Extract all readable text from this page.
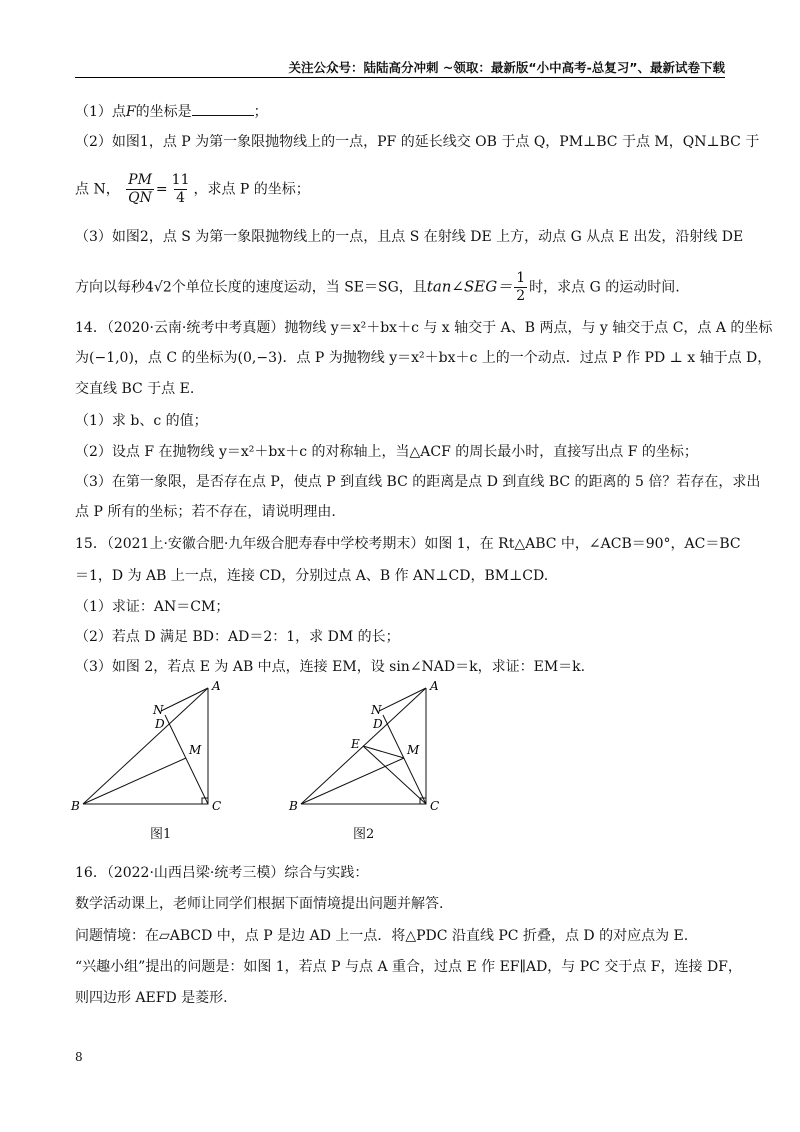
关注公众号：陆陆高分冲刺 ~领取：最新版“小中高考-总复习”、最新试卷下载
（1）点F的坐标是	；
（2）如图1，点 P 为第一象限抛物线上的一点，PF 的延长线交 OB 于点 Q，PM⊥BC 于点 M，QN⊥BC 于
点 N， $\frac{PM}{QN} = \frac{11}{4}$ ，求点 P 的坐标；
（3）如图2，点 S 为第一象限抛物线上的一点，且点 S 在射线 DE 上方，动点 G 从点 E 出发，沿射线 DE
方向以每秒4√2个单位长度的速度运动，当 SE＝SG，且tan∠SEG＝ $\frac{1}{2}$ 时，求点 G 的运动时间.
14．（2020·云南·统考中考真题）抛物线 y＝x²＋bx＋c 与 x 轴交于 A、B 两点，与 y 轴交于点 C，点 A 的坐标
为(−1,0)，点 C 的坐标为(0,−3)．点 P 为抛物线 y＝x²＋bx＋c 上的一个动点．过点 P 作 PD ⊥ x 轴于点 D，
交直线 BC 于点 E.
（1）求 b、c 的值；
（2）设点 F 在抛物线 y＝x²＋bx＋c 的对称轴上，当△ACF 的周长最小时，直接写出点 F 的坐标；
（3）在第一象限，是否存在点 P，使点 P 到直线 BC 的距离是点 D 到直线 BC 的距离的 5 倍？若存在，求出
点 P 所有的坐标；若不存在，请说明理由.
15．（2021上·安徽合肥·九年级合肥寿春中学校考期末）如图 1，在 Rt△ABC 中，∠ACB＝90°，AC＝BC
＝1，D 为 AB 上一点，连接 CD，分别过点 A、B 作 AN⊥CD，BM⊥CD.
（1）求证：AN＝CM；
（2）若点 D 满足 BD：AD＝2：1，求 DM 的长；
（3）如图 2，若点 E 为 AB 中点，连接 EM，设 sin∠NAD＝k，求证：EM＝k.
A
B	C
N
D
M
图1
A
B	C
N
D
E	M
图2
16．（2022·山西吕梁·统考三模）综合与实践：
数学活动课上，老师让同学们根据下面情境提出问题并解答.
问题情境：在▱ABCD 中，点 P 是边 AD 上一点．将△PDC 沿直线 PC 折叠，点 D 的对应点为 E.
“兴趣小组”提出的问题是：如图 1，若点 P 与点 A 重合，过点 E 作 EF∥AD，与 PC 交于点 F，连接 DF，
则四边形 AEFD 是菱形.
8
